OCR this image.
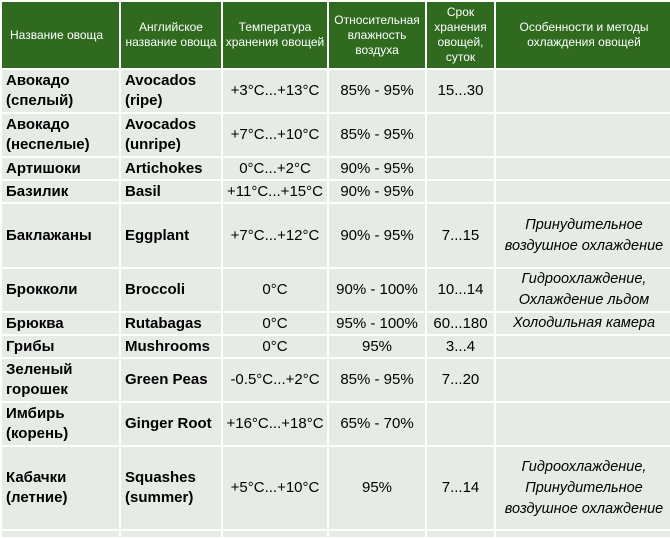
Название овоща	Английское название овоща	Температура хранения овощей	Относительная влажность воздуха	Срок хранения овощей, суток	Особенности и методы охлаждения овощей
Авокадо (спелый)	Avocados (ripe)	+3°C...+13°C	85% - 95%	15...30	
Авокадо (неспелые)	Avocados (unripe)	+7°C...+10°C	85% - 95%		
Артишоки	Artichokes	0°C...+2°C	90% - 95%		
Базилик	Basil	+11°C...+15°C	90% - 95%		
Баклажаны	Eggplant	+7°C...+12°C	90% - 95%	7...15	Принудительное воздушное охлаждение
Брокколи	Broccoli	0°C	90% - 100%	10...14	Гидроохлаждение, Охлаждение льдом
Брюква	Rutabagas	0°C	95% - 100%	60...180	Холодильная камера
Грибы	Mushrooms	0°C	95%	3...4	
Зеленый горошек	Green Peas	-0.5°C...+2°C	85% - 95%	7...20	
Имбирь (корень)	Ginger Root	+16°C...+18°C	65% - 70%		
Кабачки (летние)	Squashes (summer)	+5°C...+10°C	95%	7...14	Гидроохлаждение, Принудительное воздушное охлаждение
